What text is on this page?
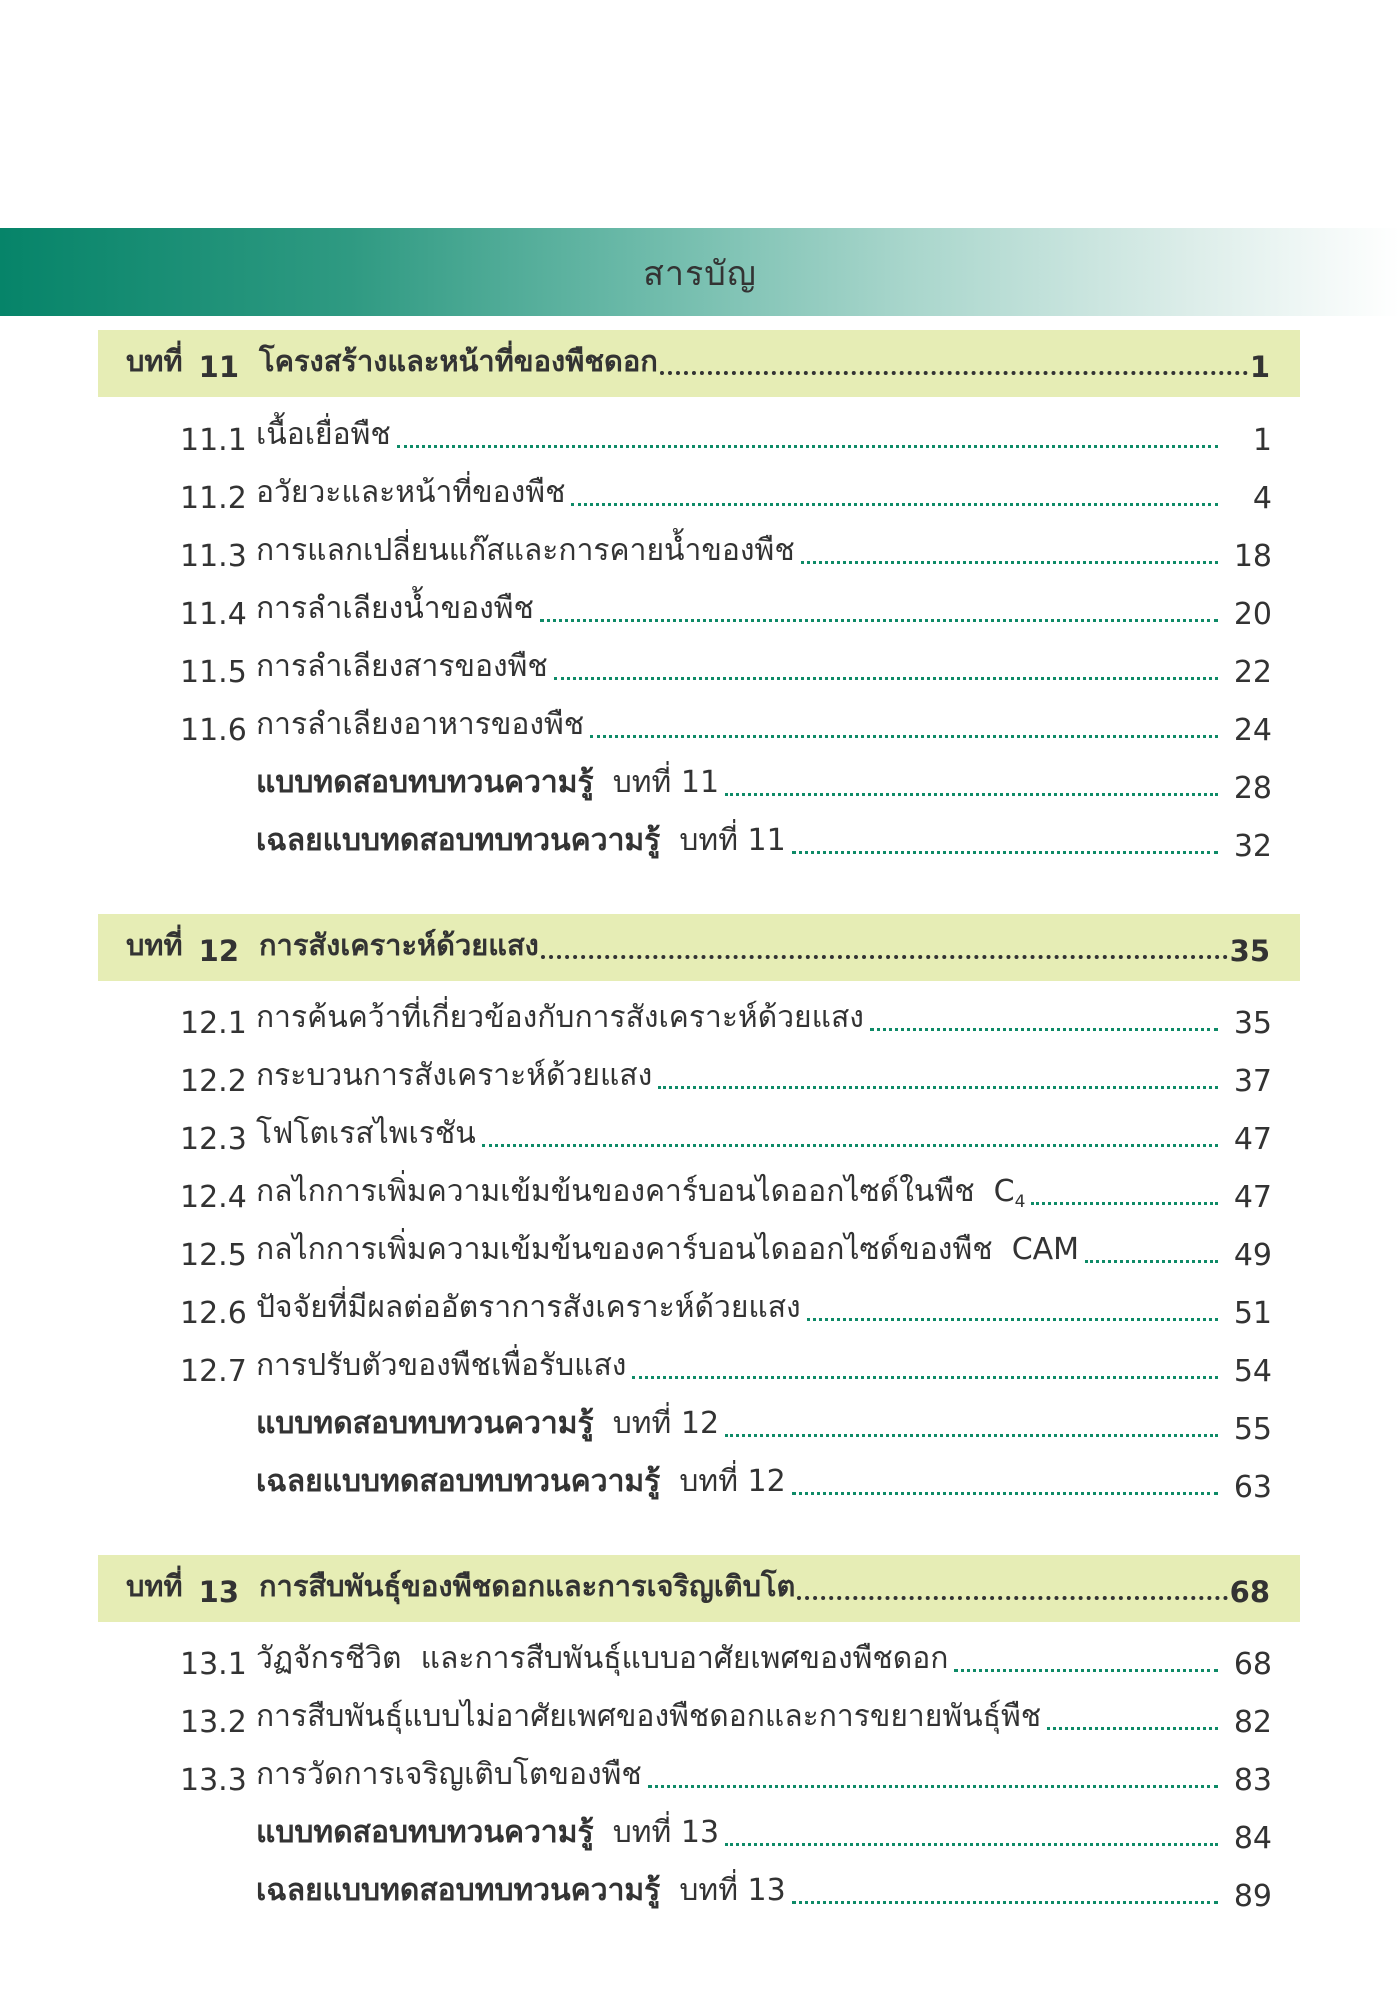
สารบัญ
บทที่ 11 โครงสร้างและหน้าที่ของพืชดอก	1
11.1 เนื้อเยื่อพืช	1
11.2 อวัยวะและหน้าที่ของพืช	4
11.3 การแลกเปลี่ยนแก๊สและการคายน้ำของพืช	18
11.4 การลำเลียงน้ำของพืช	20
11.5 การลำเลียงสารของพืช	22
11.6 การลำเลียงอาหารของพืช	24
แบบทดสอบทบทวนความรู้ บทที่ 11	28
เฉลยแบบทดสอบทบทวนความรู้ บทที่ 11	32
บทที่ 12 การสังเคราะห์ด้วยแสง	35
12.1 การค้นคว้าที่เกี่ยวข้องกับการสังเคราะห์ด้วยแสง	35
12.2 กระบวนการสังเคราะห์ด้วยแสง	37
12.3 โฟโตเรสไพเรชัน	47
12.4 กลไกการเพิ่มความเข้มข้นของคาร์บอนไดออกไซด์ในพืช $C_4$	47
12.5 กลไกการเพิ่มความเข้มข้นของคาร์บอนไดออกไซด์ของพืช CAM	49
12.6 ปัจจัยที่มีผลต่ออัตราการสังเคราะห์ด้วยแสง	51
12.7 การปรับตัวของพืชเพื่อรับแสง	54
แบบทดสอบทบทวนความรู้ บทที่ 12	55
เฉลยแบบทดสอบทบทวนความรู้ บทที่ 12	63
บทที่ 13 การสืบพันธุ์ของพืชดอกและการเจริญเติบโต	68
13.1 วัฏจักรชีวิต  และการสืบพันธุ์แบบอาศัยเพศของพืชดอก	68
13.2 การสืบพันธุ์แบบไม่อาศัยเพศของพืชดอกและการขยายพันธุ์พืช	82
13.3 การวัดการเจริญเติบโตของพืช	83
แบบทดสอบทบทวนความรู้ บทที่ 13	84
เฉลยแบบทดสอบทบทวนความรู้ บทที่ 13	89
